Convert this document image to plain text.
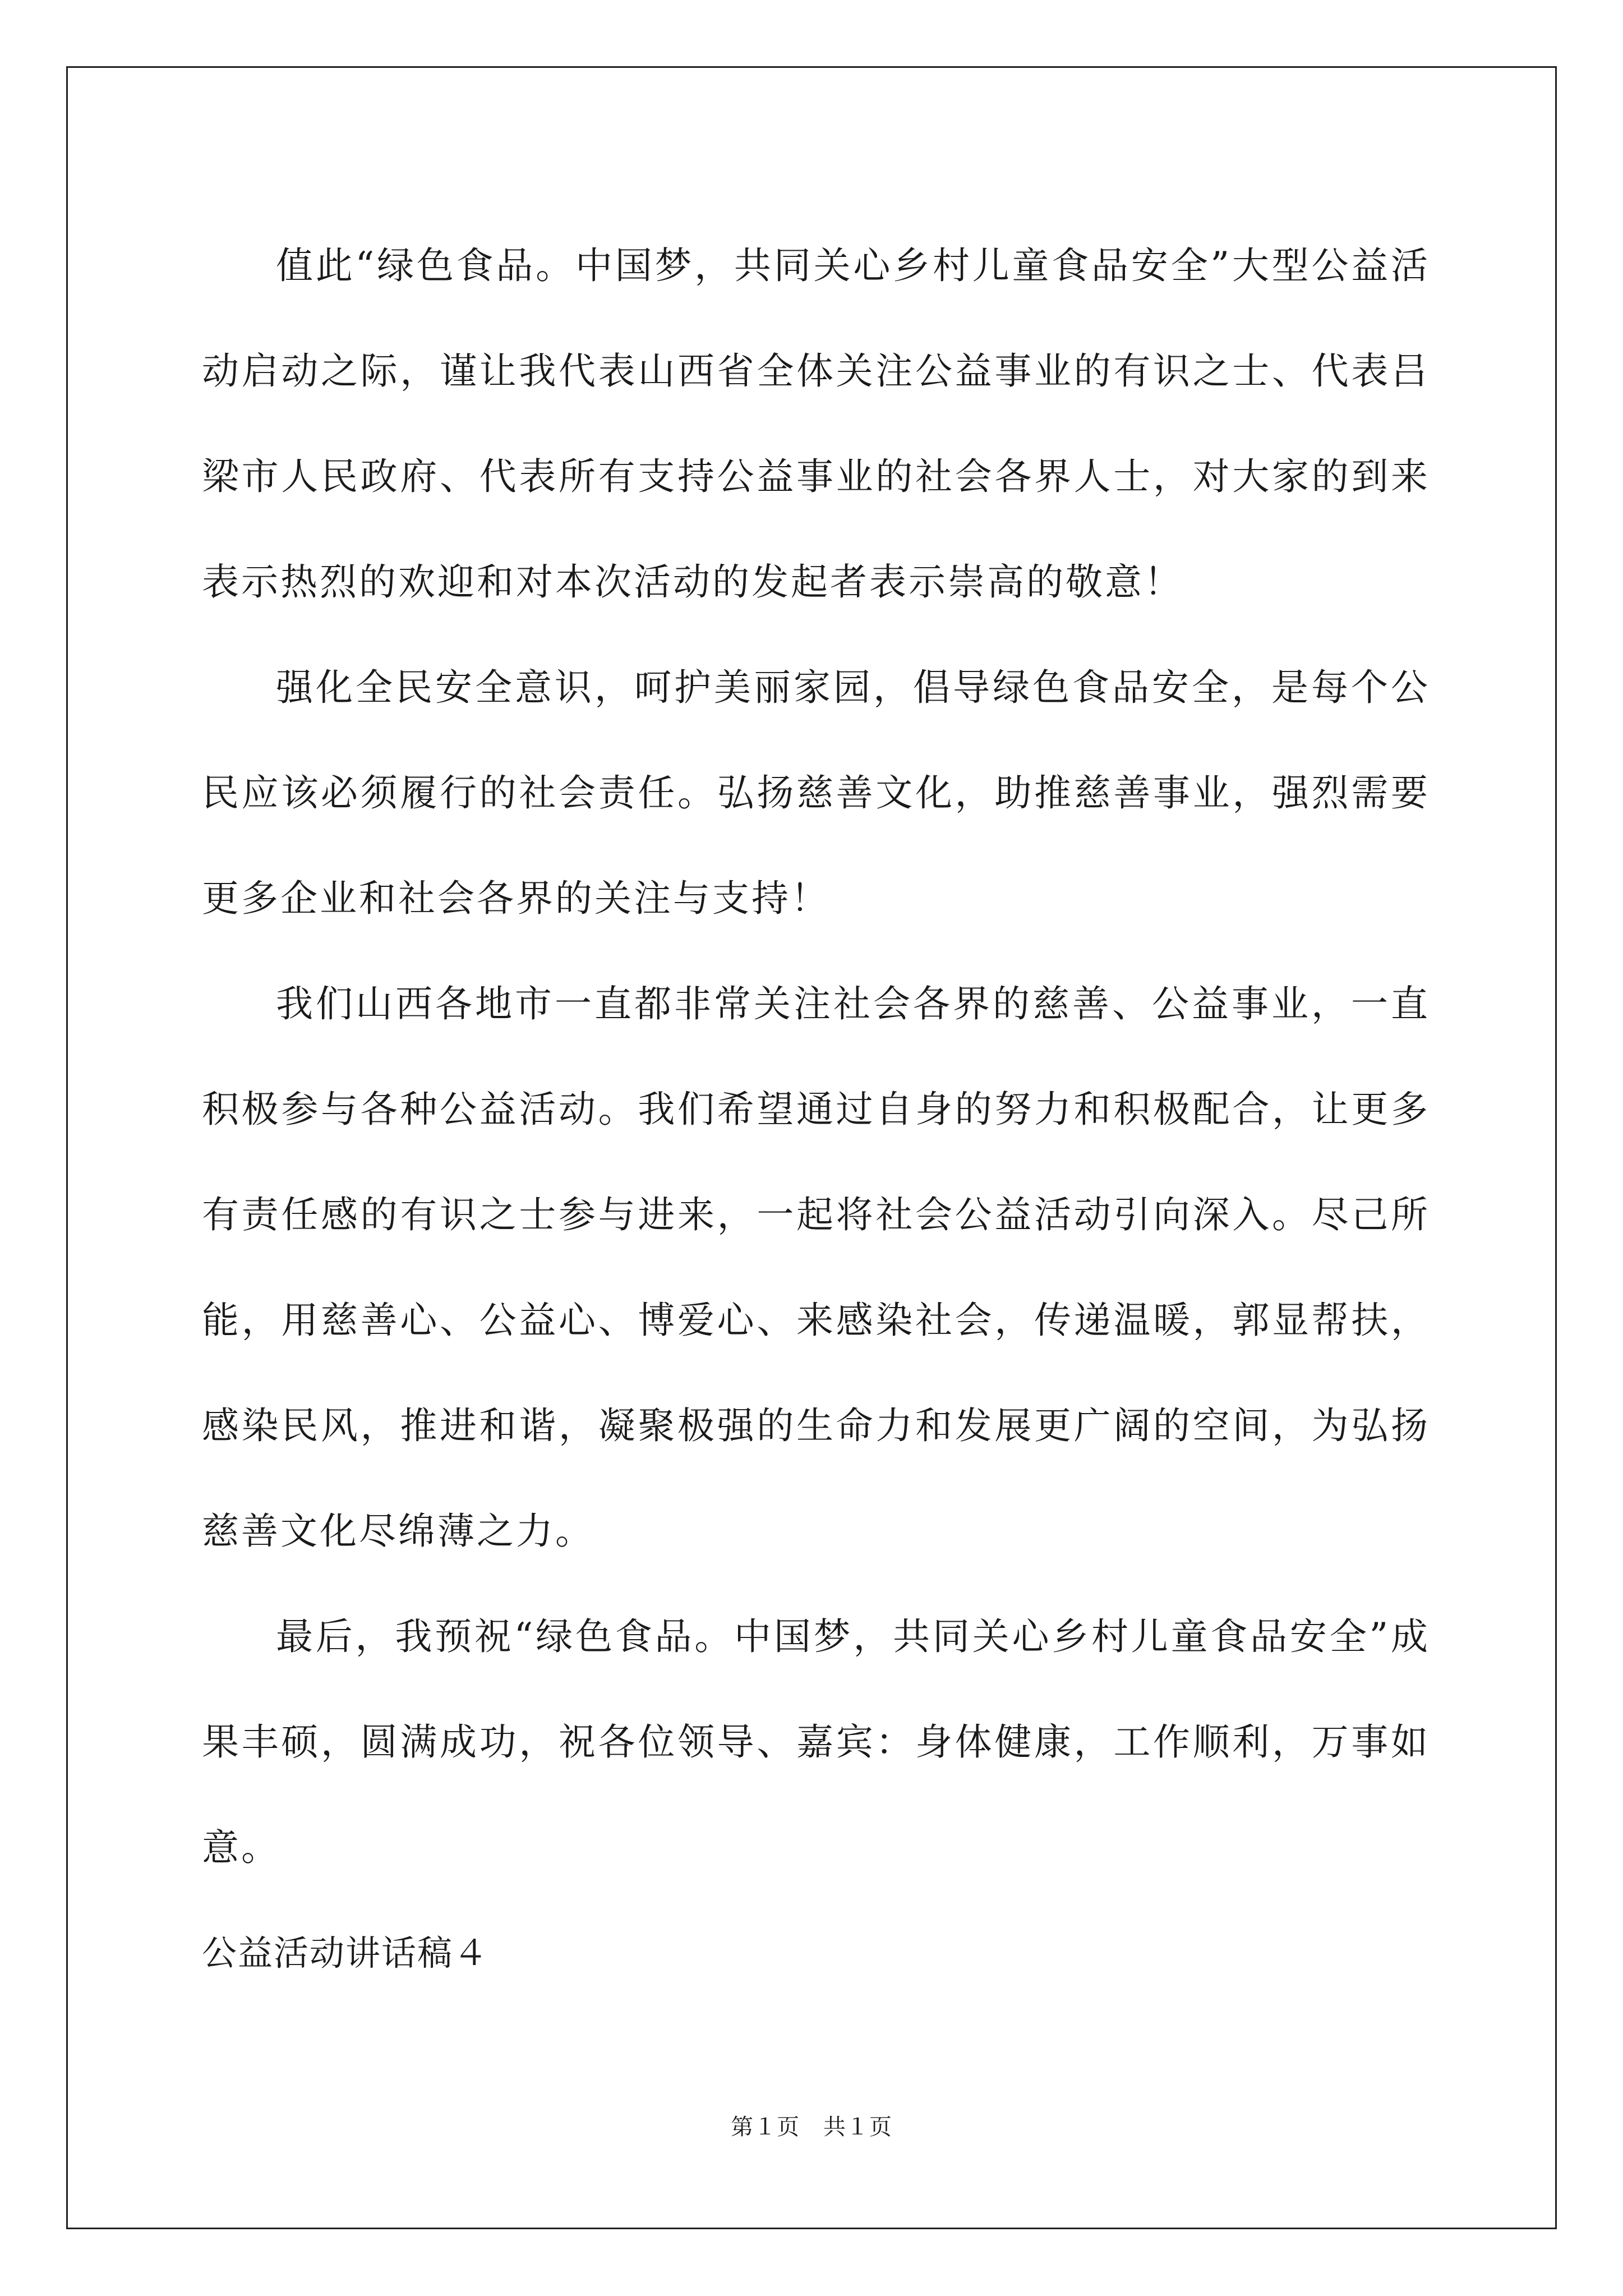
值此“绿色食品。中国梦，共同关心乡村儿童食品安全”大型公益活动启动之际，谨让我代表山西省全体关注公益事业的有识之士、代表吕梁市人民政府、代表所有支持公益事业的社会各界人士，对大家的到来表示热烈的欢迎和对本次活动的发起者表示崇高的敬意！

强化全民安全意识，呵护美丽家园，倡导绿色食品安全，是每个公民应该必须履行的社会责任。弘扬慈善文化，助推慈善事业，强烈需要更多企业和社会各界的关注与支持！

我们山西各地市一直都非常关注社会各界的慈善、公益事业，一直积极参与各种公益活动。我们希望通过自身的努力和积极配合，让更多有责任感的有识之士参与进来，一起将社会公益活动引向深入。尽己所能，用慈善心、公益心、博爱心、来感染社会，传递温暖，郭显帮扶，感染民风，推进和谐，凝聚极强的生命力和发展更广阔的空间，为弘扬慈善文化尽绵薄之力。

最后，我预祝“绿色食品。中国梦，共同关心乡村儿童食品安全”成果丰硕，圆满成功，祝各位领导、嘉宾：身体健康，工作顺利，万事如意。

公益活动讲话稿４

第１页 共１页
